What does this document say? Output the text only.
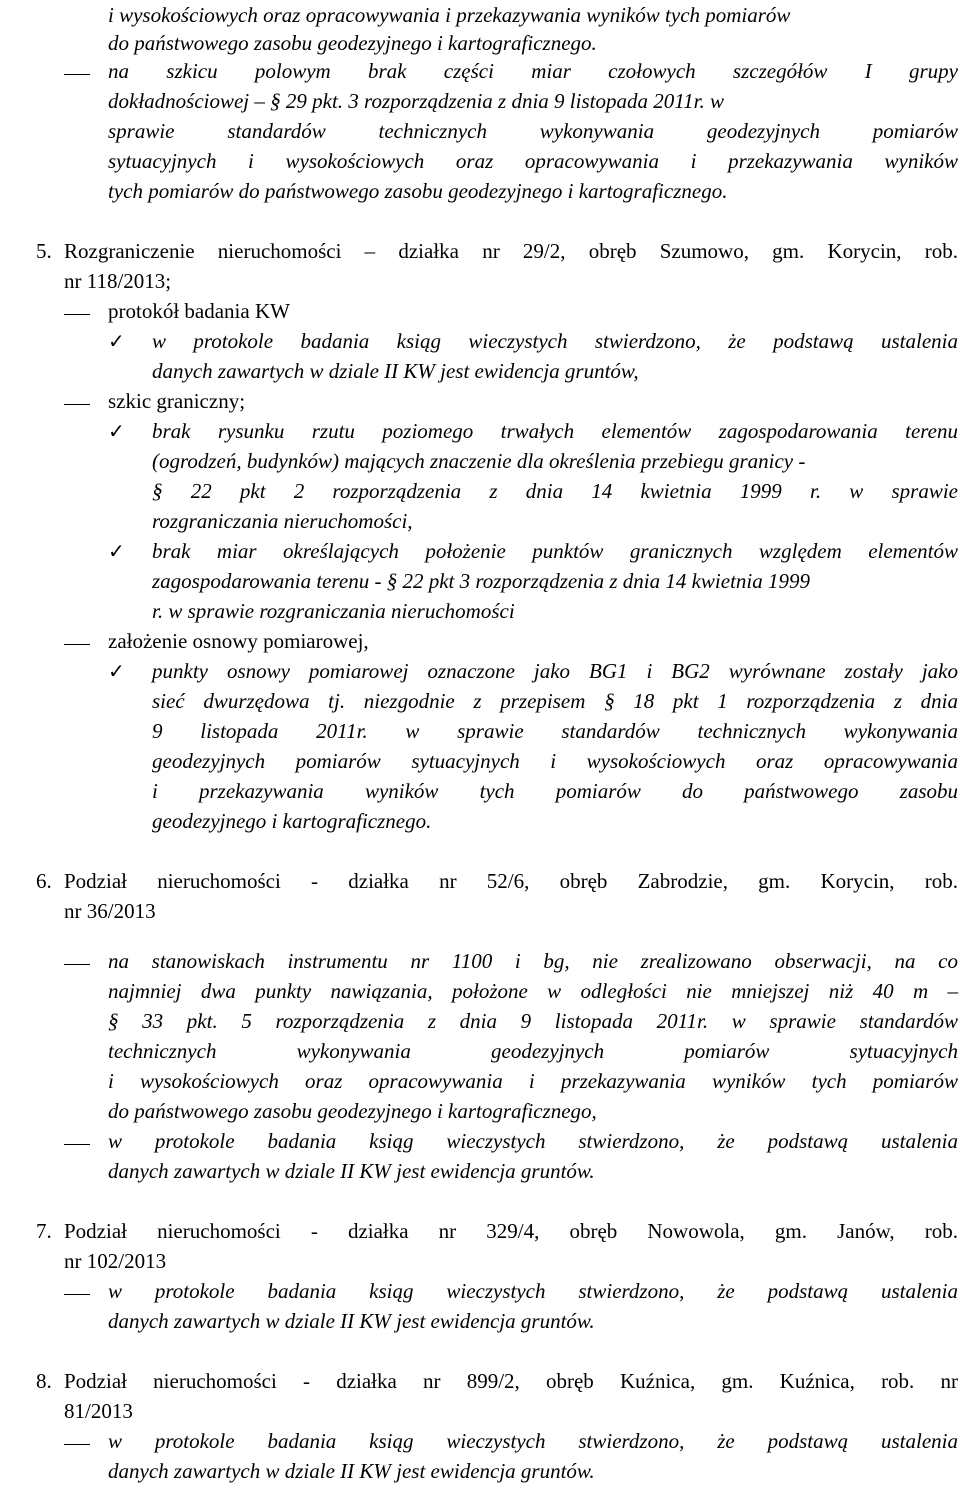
i wysokościowych oraz opracowywania i przekazywania wyników tych pomiarów
do państwowego zasobu geodezyjnego i kartograficznego.
na szkicu polowym brak części miar czołowych szczegółów I grupy
dokładnościowej – § 29 pkt. 3 rozporządzenia z dnia 9 listopada 2011r. w
sprawie standardów technicznych wykonywania geodezyjnych pomiarów
sytuacyjnych i wysokościowych oraz opracowywania i przekazywania wyników
tych pomiarów do państwowego zasobu geodezyjnego i kartograficznego.
5. Rozgraniczenie nieruchomości – działka nr 29/2, obręb Szumowo, gm. Korycin, rob.
nr 118/2013;
protokół badania KW
✓ w protokole badania ksiąg wieczystych stwierdzono, że podstawą ustalenia
danych zawartych w dziale II KW jest ewidencja gruntów,
szkic graniczny;
✓ brak rysunku rzutu poziomego trwałych elementów zagospodarowania terenu
(ogrodzeń, budynków) mających znaczenie dla określenia przebiegu granicy -
§ 22 pkt 2 rozporządzenia z dnia 14 kwietnia 1999 r. w sprawie
rozgraniczania nieruchomości,
✓ brak miar określających położenie punktów granicznych względem elementów
zagospodarowania terenu - § 22 pkt 3 rozporządzenia z dnia 14 kwietnia 1999
r. w sprawie rozgraniczania nieruchomości
założenie osnowy pomiarowej,
✓ punkty osnowy pomiarowej oznaczone jako BG1 i BG2 wyrównane zostały jako
sieć dwurzędowa tj. niezgodnie z przepisem § 18 pkt 1 rozporządzenia z dnia
9 listopada 2011r. w sprawie standardów technicznych wykonywania
geodezyjnych pomiarów sytuacyjnych i wysokościowych oraz opracowywania
i przekazywania wyników tych pomiarów do państwowego zasobu
geodezyjnego i kartograficznego.
6. Podział nieruchomości - działka nr 52/6, obręb Zabrodzie, gm. Korycin, rob.
nr 36/2013
na stanowiskach instrumentu nr 1100 i bg, nie zrealizowano obserwacji, na co
najmniej dwa punkty nawiązania, położone w odległości nie mniejszej niż 40 m –
§ 33 pkt. 5 rozporządzenia z dnia 9 listopada 2011r. w sprawie standardów
technicznych wykonywania geodezyjnych pomiarów sytuacyjnych
i wysokościowych oraz opracowywania i przekazywania wyników tych pomiarów
do państwowego zasobu geodezyjnego i kartograficznego,
w protokole badania ksiąg wieczystych stwierdzono, że podstawą ustalenia
danych zawartych w dziale II KW jest ewidencja gruntów.
7. Podział nieruchomości - działka nr 329/4, obręb Nowowola, gm. Janów, rob.
nr 102/2013
w protokole badania ksiąg wieczystych stwierdzono, że podstawą ustalenia
danych zawartych w dziale II KW jest ewidencja gruntów.
8. Podział nieruchomości - działka nr 899/2, obręb Kuźnica, gm. Kuźnica, rob. nr
81/2013
w protokole badania ksiąg wieczystych stwierdzono, że podstawą ustalenia
danych zawartych w dziale II KW jest ewidencja gruntów.
